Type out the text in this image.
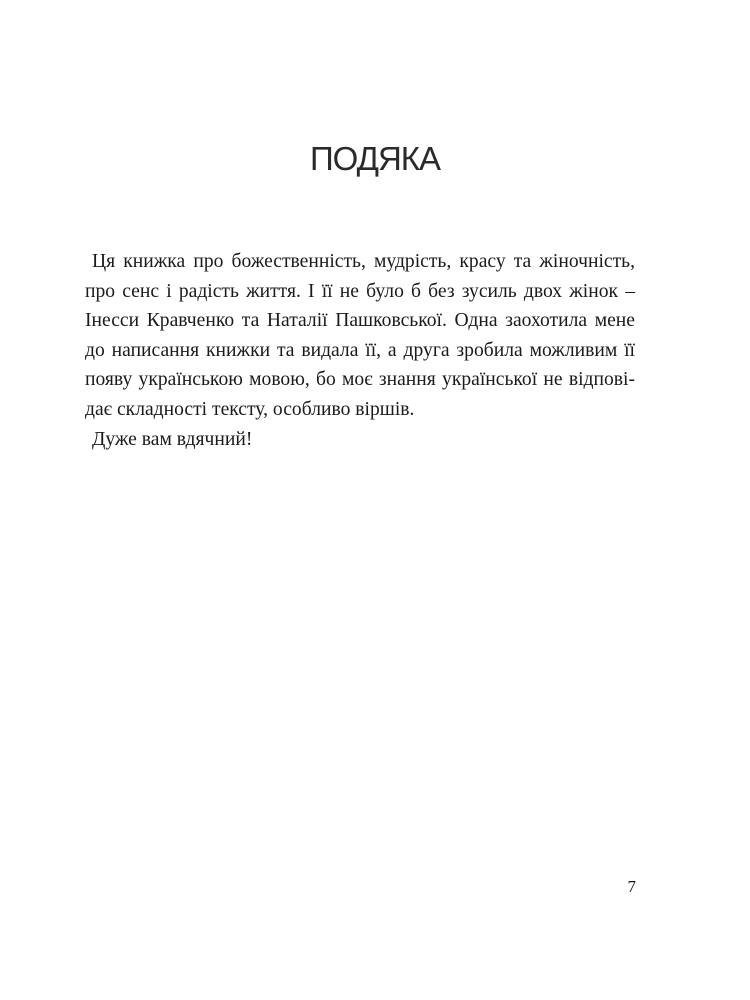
ПОДЯКА
Ця книжка про божественність, мудрість, красу та жіночність,
про сенс і радість життя. І її не було б без зусиль двох жінок –
Інесси Кравченко та Наталії Пашковської. Одна заохотила мене
до написання книжки та видала її, а друга зробила можливим її
появу українською мовою, бо моє знання української не відпові-
дає складності тексту, особливо віршів.
Дуже вам вдячний!
7
